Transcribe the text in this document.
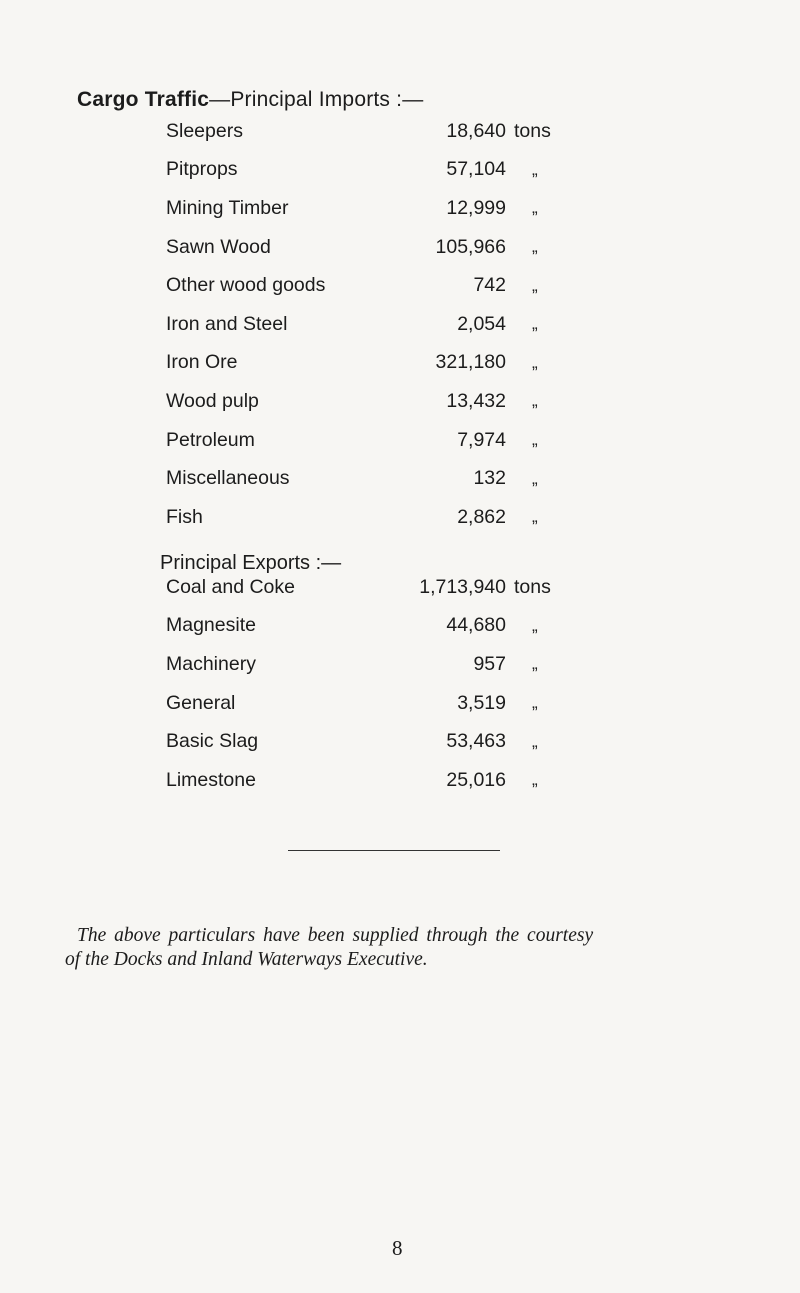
Cargo Traffic—Principal Imports :—
Sleepers	18,640	tons
Pitprops	57,104	„
Mining Timber	12,999	„
Sawn Wood	105,966	„
Other wood goods	742	„
Iron and Steel	2,054	„
Iron Ore	321,180	„
Wood pulp	13,432	„
Petroleum	7,974	„
Miscellaneous	132	„
Fish	2,862	„
Principal Exports :—
Coal and Coke	1,713,940	tons
Magnesite	44,680	„
Machinery	957	„
General	3,519	„
Basic Slag	53,463	„
Limestone	25,016	„
The above particulars have been supplied through the courtesy
of the Docks and Inland Waterways Executive.
8
